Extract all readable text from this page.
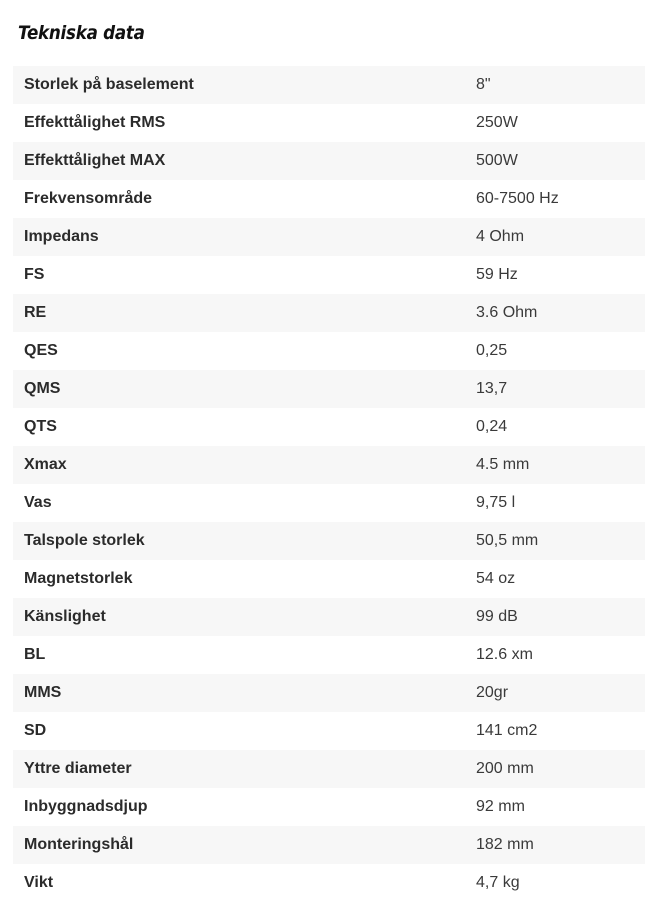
Tekniska data
Storlek på baselement	8"
Effekttålighet RMS	250W
Effekttålighet MAX	500W
Frekvensområde	60-7500 Hz
Impedans	4 Ohm
FS	59 Hz
RE	3.6 Ohm
QES	0,25
QMS	13,7
QTS	0,24
Xmax	4.5 mm
Vas	9,75 l
Talspole storlek	50,5 mm
Magnetstorlek	54 oz
Känslighet	99 dB
BL	12.6 xm
MMS	20gr
SD	141 cm2
Yttre diameter	200 mm
Inbyggnadsdjup	92 mm
Monteringshål	182 mm
Vikt	4,7 kg
